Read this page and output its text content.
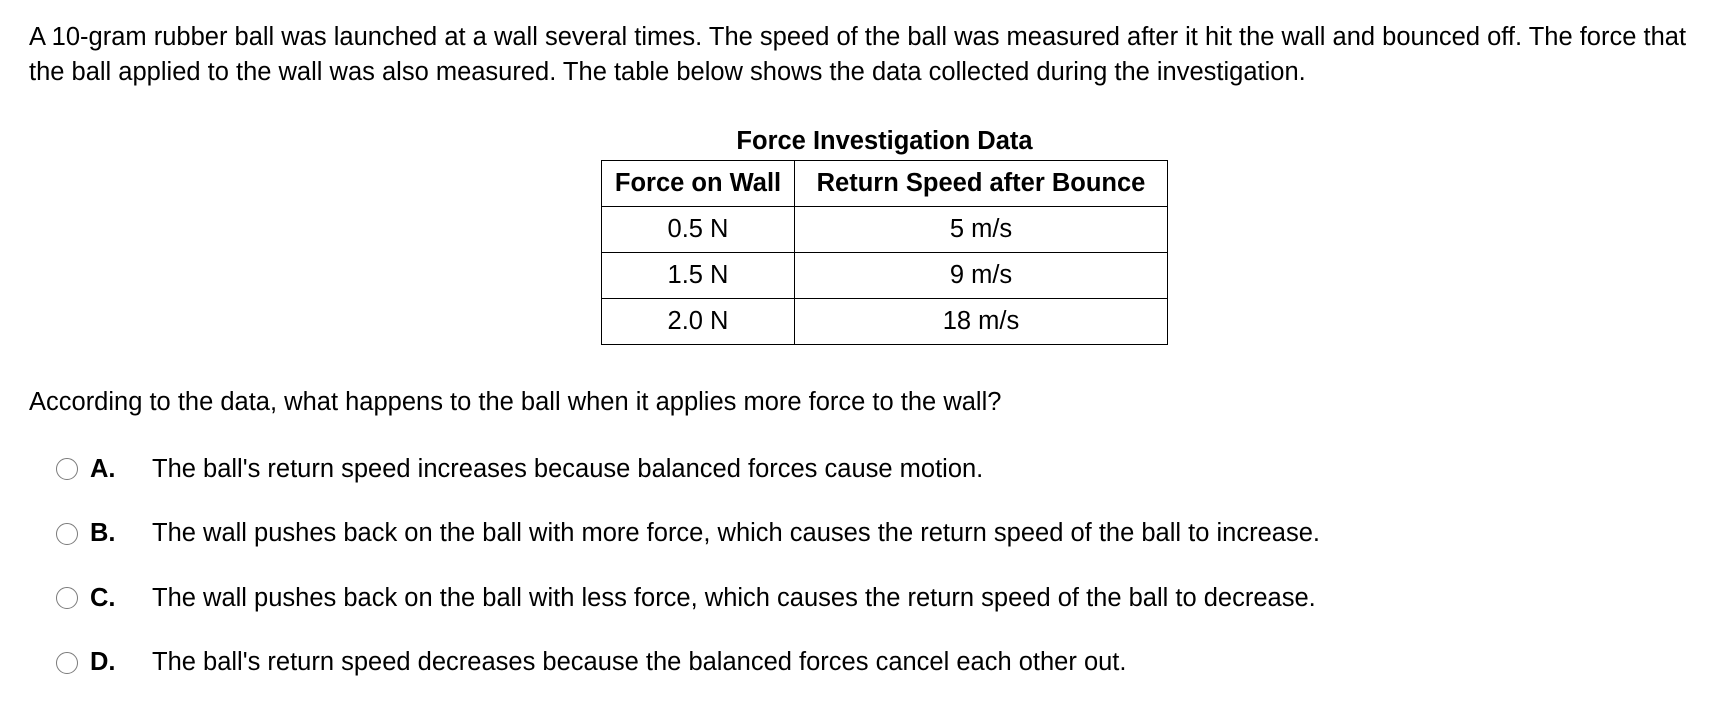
A 10-gram rubber ball was launched at a wall several times. The speed of the ball was measured after it hit the wall and bounced off. The force that the ball applied to the wall was also measured. The table below shows the data collected during the investigation.

Force Investigation Data
Force on Wall	Return Speed after Bounce
0.5 N	5 m/s
1.5 N	9 m/s
2.0 N	18 m/s

According to the data, what happens to the ball when it applies more force to the wall?

A.	The ball's return speed increases because balanced forces cause motion.
B.	The wall pushes back on the ball with more force, which causes the return speed of the ball to increase.
C.	The wall pushes back on the ball with less force, which causes the return speed of the ball to decrease.
D.	The ball's return speed decreases because the balanced forces cancel each other out.
